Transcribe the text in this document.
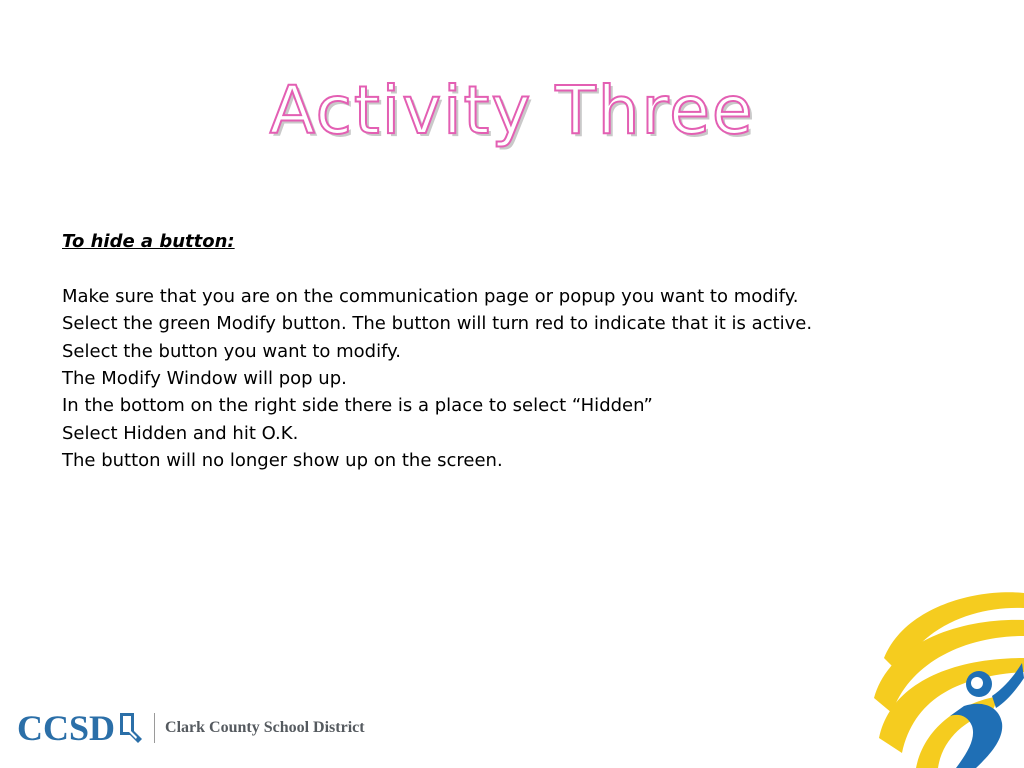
Activity Three

To hide a button:

Make sure that you are on the communication page or popup you want to modify.

Select the green Modify button. The button will turn red to indicate that it is active.

Select the button you want to modify.

The Modify Window will pop up.

In the bottom on the right side there is a place to select “Hidden”

Select Hidden and hit O.K.

The button will no longer show up on the screen.

CCSD	Clark County School District
